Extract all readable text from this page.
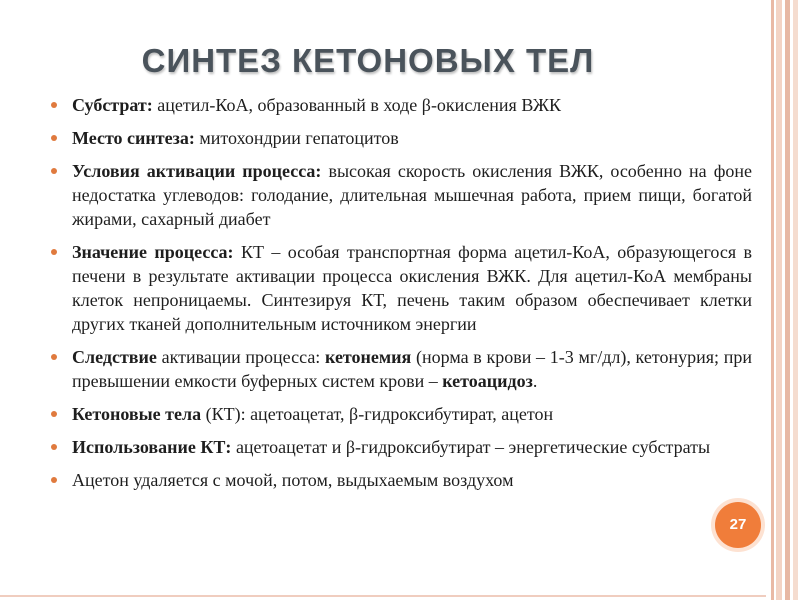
СИНТЕЗ КЕТОНОВЫХ ТЕЛ
Субстрат: ацетил-КоА, образованный в ходе β-окисления ВЖК
Место синтеза: митохондрии гепатоцитов
Условия активации процесса: высокая скорость окисления ВЖК, особенно на фоне недостатка углеводов: голодание, длительная мышечная работа, прием пищи, богатой жирами, сахарный диабет
Значение процесса: КТ – особая транспортная форма ацетил-КоА, образующегося в печени в результате активации процесса окисления ВЖК. Для ацетил-КоА мембраны клеток непроницаемы. Синтезируя КТ, печень таким образом обеспечивает клетки других тканей дополнительным источником энергии
Следствие активации процесса: кетонемия (норма в крови – 1-3 мг/дл), кетонурия; при превышении емкости буферных систем крови – кетоацидоз.
Кетоновые тела (КТ): ацетоацетат, β-гидроксибутират, ацетон
Использование КТ: ацетоацетат и β-гидроксибутират – энергетические субстраты
Ацетон удаляется с мочой, потом, выдыхаемым воздухом
27
